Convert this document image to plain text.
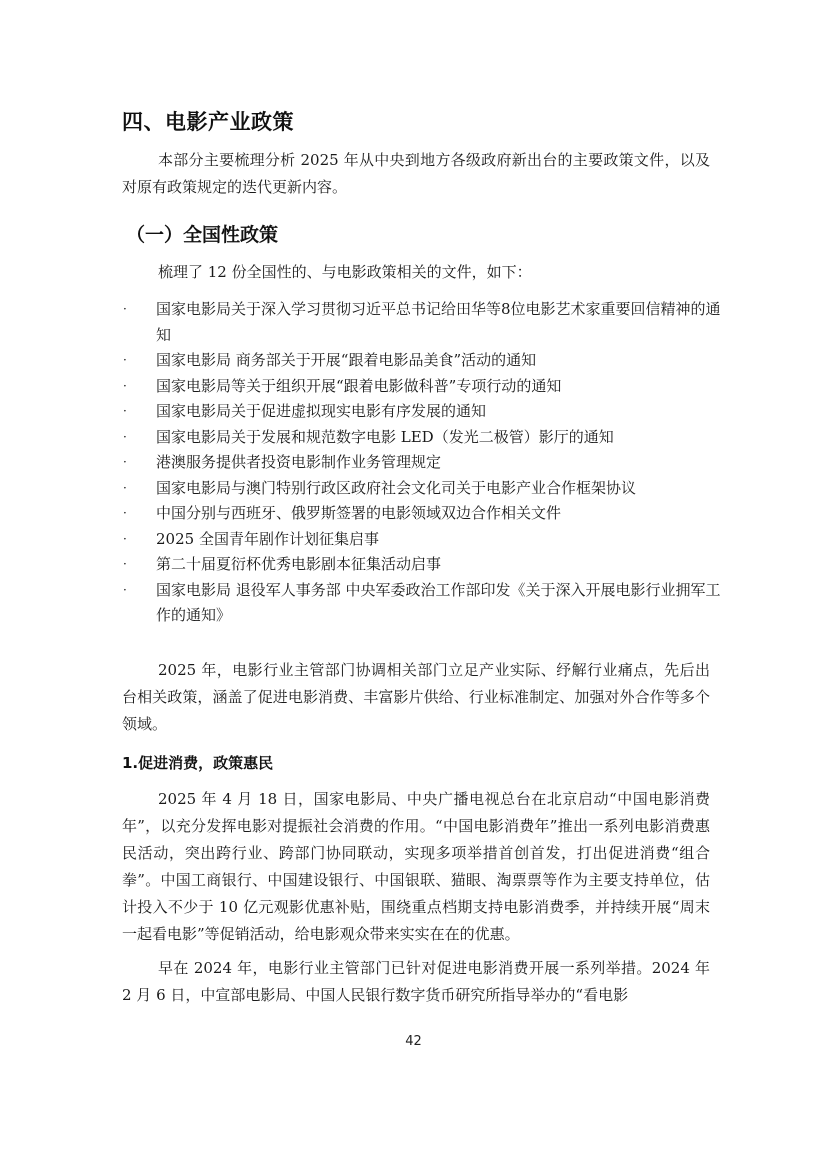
四、电影产业政策

本部分主要梳理分析 2025 年从中央到地方各级政府新出台的主要政策文件，以及对原有政策规定的迭代更新内容。

（一）全国性政策

梳理了 12 份全国性的、与电影政策相关的文件，如下：

· 国家电影局关于深入学习贯彻习近平总书记给田华等8位电影艺术家重要回信精神的通知
· 国家电影局 商务部关于开展“跟着电影品美食”活动的通知
· 国家电影局等关于组织开展“跟着电影做科普”专项行动的通知
· 国家电影局关于促进虚拟现实电影有序发展的通知
· 国家电影局关于发展和规范数字电影 LED（发光二极管）影厅的通知
· 港澳服务提供者投资电影制作业务管理规定
· 国家电影局与澳门特别行政区政府社会文化司关于电影产业合作框架协议
· 中国分别与西班牙、俄罗斯签署的电影领域双边合作相关文件
· 2025 全国青年剧作计划征集启事
· 第二十届夏衍杯优秀电影剧本征集活动启事
· 国家电影局 退役军人事务部 中央军委政治工作部印发《关于深入开展电影行业拥军工作的通知》

2025 年，电影行业主管部门协调相关部门立足产业实际、纾解行业痛点，先后出台相关政策，涵盖了促进电影消费、丰富影片供给、行业标准制定、加强对外合作等多个领域。

1.促进消费，政策惠民

2025 年 4 月 18 日，国家电影局、中央广播电视总台在北京启动“中国电影消费年”，以充分发挥电影对提振社会消费的作用。“中国电影消费年”推出一系列电影消费惠民活动，突出跨行业、跨部门协同联动，实现多项举措首创首发，打出促进消费“组合拳”。中国工商银行、中国建设银行、中国银联、猫眼、淘票票等作为主要支持单位，估计投入不少于 10 亿元观影优惠补贴，围绕重点档期支持电影消费季，并持续开展“周末一起看电影”等促销活动，给电影观众带来实实在在的优惠。

早在 2024 年，电影行业主管部门已针对促进电影消费开展一系列举措。2024 年 2 月 6 日，中宣部电影局、中国人民银行数字货币研究所指导举办的“看电影

42
